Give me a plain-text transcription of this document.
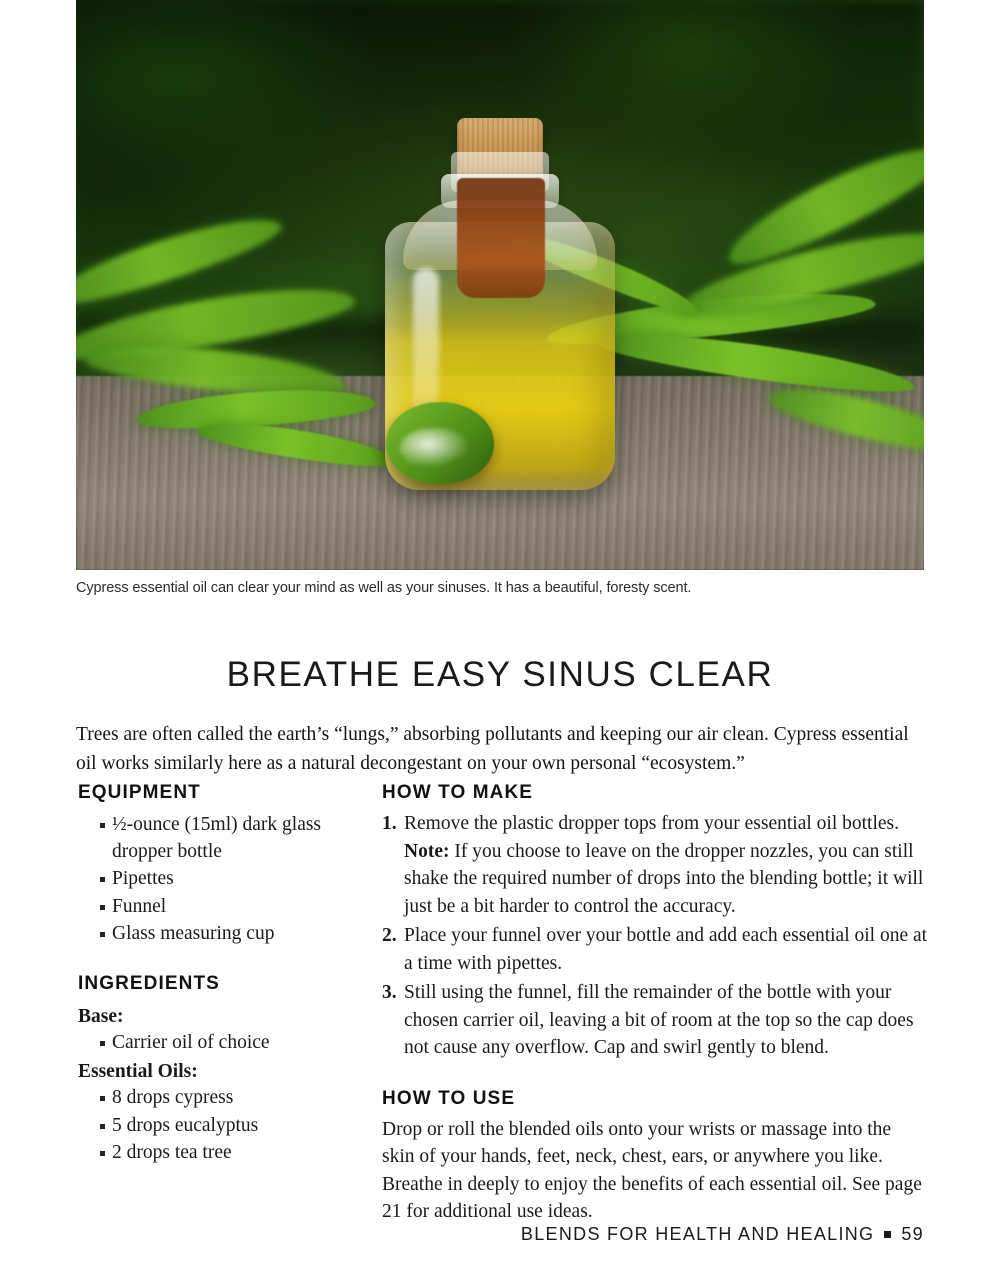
Cypress essential oil can clear your mind as well as your sinuses. It has a beautiful, foresty scent.
BREATHE EASY SINUS CLEAR

Trees are often called the earth’s “lungs,” absorbing pollutants and keeping our air clean. Cypress essential oil works similarly here as a natural decongestant on your own personal “ecosystem.”

EQUIPMENT
½-ounce (15ml) dark glass dropper bottle
Pipettes
Funnel
Glass measuring cup
INGREDIENTS
Base:
Carrier oil of choice
Essential Oils:
8 drops cypress
5 drops eucalyptus
2 drops tea tree
HOW TO MAKE
Remove the plastic dropper tops from your essential oil bottles. Note: If you choose to leave on the dropper nozzles, you can still shake the required number of drops into the blending bottle; it will just be a bit harder to control the accuracy.
Place your funnel over your bottle and add each essential oil one at a time with pipettes.
Still using the funnel, fill the remainder of the bottle with your chosen carrier oil, leaving a bit of room at the top so the cap does not cause any overflow. Cap and swirl gently to blend.
HOW TO USE

Drop or roll the blended oils onto your wrists or massage into the skin of your hands, feet, neck, chest, ears, or anywhere you like. Breathe in deeply to enjoy the benefits of each essential oil. See page 21 for additional use ideas.

BLENDS FOR HEALTH AND HEALING 59
